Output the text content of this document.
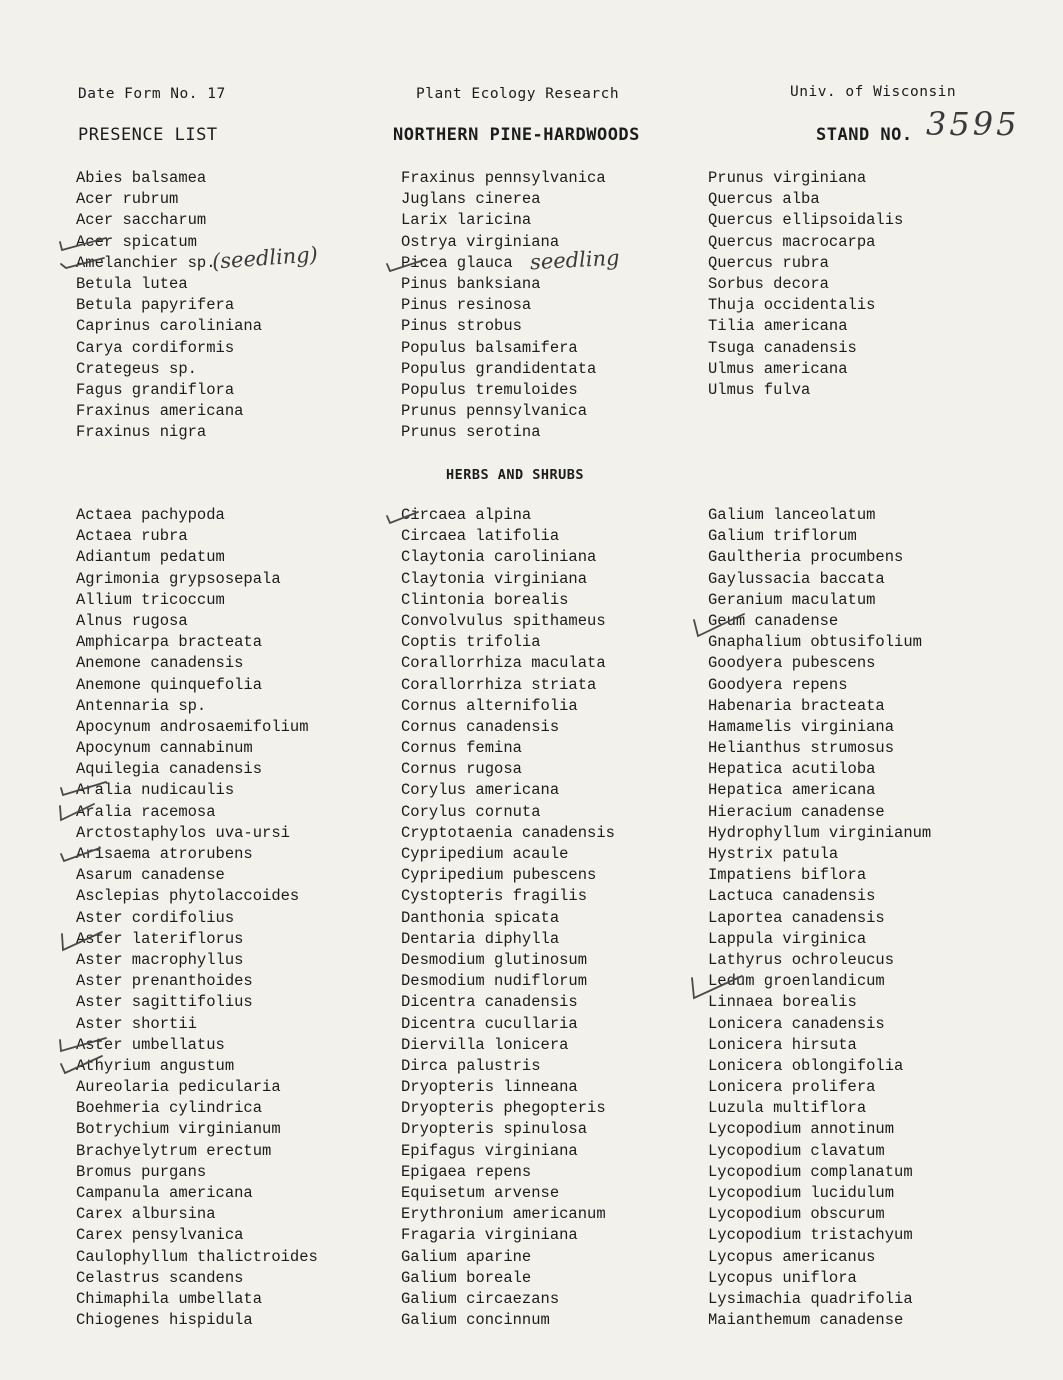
Date Form No. 17	Plant Ecology Research	Univ. of Wisconsin
PRESENCE LIST	NORTHERN PINE-HARDWOODS	STAND NO. 3595
Abies balsamea
Acer rubrum
Acer saccharum
Acer spicatum
Amelanchier sp.
Betula lutea
Betula papyrifera
Caprinus caroliniana
Carya cordiformis
Crategeus sp.
Fagus grandiflora
Fraxinus americana
Fraxinus nigra
Fraxinus pennsylvanica
Juglans cinerea
Larix laricina
Ostrya virginiana
Picea glauca
Pinus banksiana
Pinus resinosa
Pinus strobus
Populus balsamifera
Populus grandidentata
Populus tremuloides
Prunus pennsylvanica
Prunus serotina
Prunus virginiana
Quercus alba
Quercus ellipsoidalis
Quercus macrocarpa
Quercus rubra
Sorbus decora
Thuja occidentalis
Tilia americana
Tsuga canadensis
Ulmus americana
Ulmus fulva
(seedling)	seedling
HERBS AND SHRUBS
Actaea pachypoda
Actaea rubra
Adiantum pedatum
Agrimonia grypsosepala
Allium tricoccum
Alnus rugosa
Amphicarpa bracteata
Anemone canadensis
Anemone quinquefolia
Antennaria sp.
Apocynum androsaemifolium
Apocynum cannabinum
Aquilegia canadensis
Aralia nudicaulis
Aralia racemosa
Arctostaphylos uva-ursi
Arisaema atrorubens
Asarum canadense
Asclepias phytolaccoides
Aster cordifolius
Aster lateriflorus
Aster macrophyllus
Aster prenanthoides
Aster sagittifolius
Aster shortii
Aster umbellatus
Athyrium angustum
Aureolaria pedicularia
Boehmeria cylindrica
Botrychium virginianum
Brachyelytrum erectum
Bromus purgans
Campanula americana
Carex albursina
Carex pensylvanica
Caulophyllum thalictroides
Celastrus scandens
Chimaphila umbellata
Chiogenes hispidula
Circaea alpina
Circaea latifolia
Claytonia caroliniana
Claytonia virginiana
Clintonia borealis
Convolvulus spithameus
Coptis trifolia
Corallorrhiza maculata
Corallorrhiza striata
Cornus alternifolia
Cornus canadensis
Cornus femina
Cornus rugosa
Corylus americana
Corylus cornuta
Cryptotaenia canadensis
Cypripedium acaule
Cypripedium pubescens
Cystopteris fragilis
Danthonia spicata
Dentaria diphylla
Desmodium glutinosum
Desmodium nudiflorum
Dicentra canadensis
Dicentra cucullaria
Diervilla lonicera
Dirca palustris
Dryopteris linneana
Dryopteris phegopteris
Dryopteris spinulosa
Epifagus virginiana
Epigaea repens
Equisetum arvense
Erythronium americanum
Fragaria virginiana
Galium aparine
Galium boreale
Galium circaezans
Galium concinnum
Galium lanceolatum
Galium triflorum
Gaultheria procumbens
Gaylussacia baccata
Geranium maculatum
Geum canadense
Gnaphalium obtusifolium
Goodyera pubescens
Goodyera repens
Habenaria bracteata
Hamamelis virginiana
Helianthus strumosus
Hepatica acutiloba
Hepatica americana
Hieracium canadense
Hydrophyllum virginianum
Hystrix patula
Impatiens biflora
Lactuca canadensis
Laportea canadensis
Lappula virginica
Lathyrus ochroleucus
Ledum groenlandicum
Linnaea borealis
Lonicera canadensis
Lonicera hirsuta
Lonicera oblongifolia
Lonicera prolifera
Luzula multiflora
Lycopodium annotinum
Lycopodium clavatum
Lycopodium complanatum
Lycopodium lucidulum
Lycopodium obscurum
Lycopodium tristachyum
Lycopus americanus
Lycopus uniflora
Lysimachia quadrifolia
Maianthemum canadense
